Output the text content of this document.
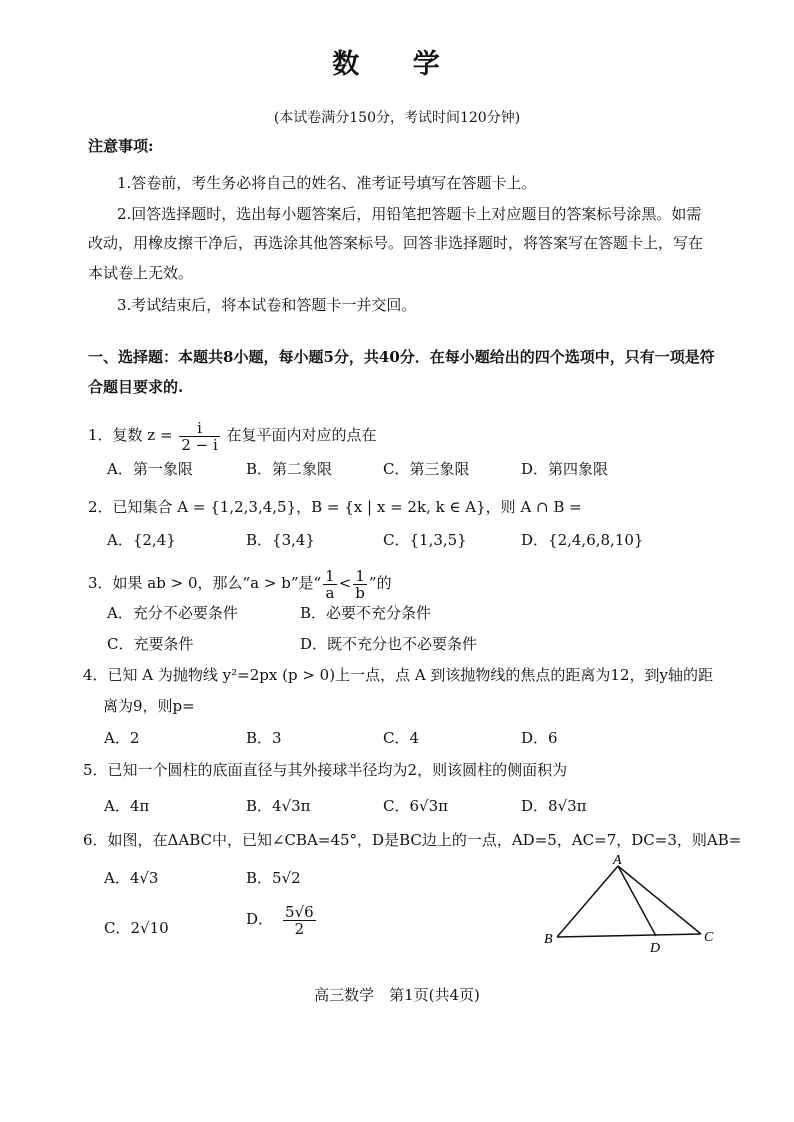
数 学
(本试卷满分150分，考试时间120分钟)
注意事项:
1.答卷前，考生务必将自己的姓名、准考证号填写在答题卡上。
2.回答选择题时，选出每小题答案后，用铅笔把答题卡上对应题目的答案标号涂黑。如需
改动，用橡皮擦干净后，再选涂其他答案标号。回答非选择题时，将答案写在答题卡上，写在
本试卷上无效。
3.考试结束后，将本试卷和答题卡一并交回。
一、选择题：本题共8小题，每小题5分，共40分．在每小题给出的四个选项中，只有一项是符
合题目要求的.
1．复数 $z = \frac{i}{2 - i}$ 在复平面内对应的点在
A．第一象限	B．第二象限	C．第三象限	D．第四象限
2．已知集合 A = {1,2,3,4,5}，B = {x | x = 2k, k ∈ A}，则 A ∩ B =
A．{2,4}	B．{3,4}	C．{1,3,5}	D．{2,4,6,8,10}
3．如果 ab > 0，那么“a > b”是“ $\frac{1}{a} < \frac{1}{b}$ ”的
A．充分不必要条件	B．必要不充分条件
C．充要条件	D．既不充分也不必要条件
4．已知 A 为抛物线 y²=2px (p > 0)上一点，点 A 到该抛物线的焦点的距离为12，到y轴的距
离为9，则p=
A．2	B．3	C．4	D．6
5．已知一个圆柱的底面直径与其外接球半径均为2，则该圆柱的侧面积为
A．4π	B．4√3π	C．6√3π	D．8√3π
6．如图，在ΔABC中，已知∠CBA=45°，D是BC边上的一点，AD=5，AC=7，DC=3，则AB=
A．4√3	B．5√2
C．2√10	D． $\frac{5√6}{2}$
A
B	C
D
高三数学　第1页(共4页)
